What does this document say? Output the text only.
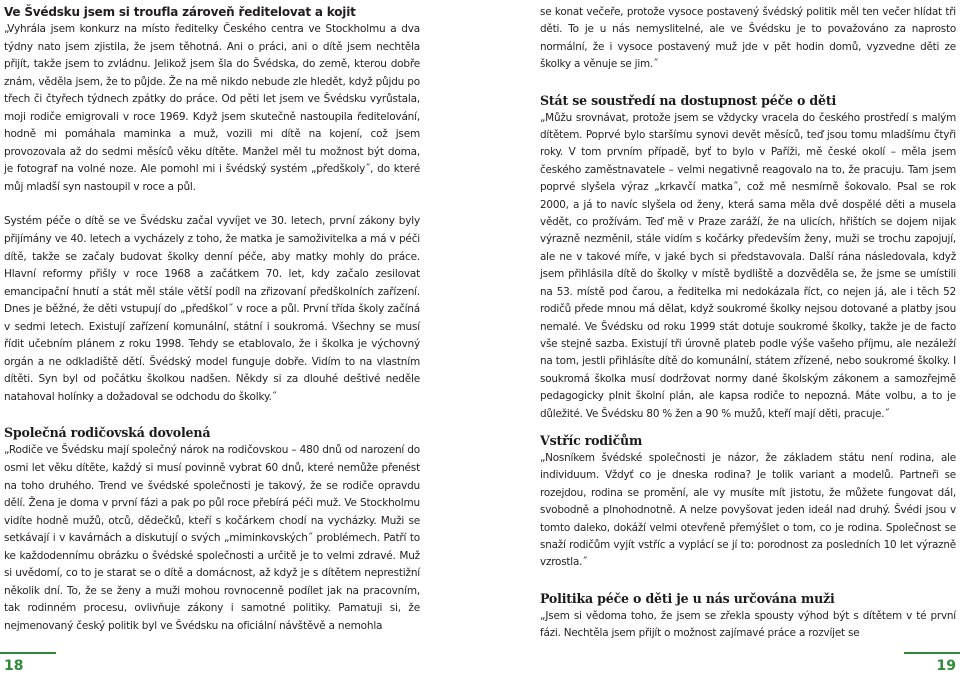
Ve Švédsku jsem si troufla zároveň ředitelovat a kojit

„Vyhrála jsem konkurz na místo ředitelky Českého centra ve Stockholmu a dva týdny nato jsem zjistila, že jsem těhotná. Ani o práci, ani o dítě jsem nechtěla přijít, takže jsem to zvládnu. Jelikož jsem šla do Švédska, do země, kterou dobře znám, věděla jsem, že to půjde. Že na mě nikdo nebude zle hledět, když půjdu po třech či čtyřech týdnech zpátky do práce. Od pěti let jsem ve Švédsku vyrůstala, moji rodiče emigrovali v roce 1969. Když jsem skutečně nastoupila ředitelování, hodně mi pomáhala maminka a muž, vozili mi dítě na kojení, což jsem provozovala až do sedmi měsíců věku dítěte. Manžel měl tu možnost být doma, je fotograf na volné noze. Ale pomohl mi i švédský systém „předškoly˝, do které můj mladší syn nastoupil v roce a půl.

Systém péče o dítě se ve Švédsku začal vyvíjet ve 30. letech, první zákony byly přijímány ve 40. letech a vycházely z toho, že matka je samoživitelka a má v péči dítě, takže se začaly budovat školky denní péče, aby matky mohly do práce. Hlavní reformy přišly v roce 1968 a začátkem 70. let, kdy začalo zesilovat emancipační hnutí a stát měl stále větší podíl na zřizovaní předškolních zařízení. Dnes je běžné, že děti vstupují do „předškol˝ v roce a půl. První třída školy začíná v sedmi letech. Existují zařízení komunální, státní i soukromá. Všechny se musí řídit učebním plánem z roku 1998. Tehdy se etablovalo, že i školka je výchovný orgán a ne odkladiště dětí. Švédský model funguje dobře. Vidím to na vlastním dítěti. Syn byl od počátku školkou nadšen. Někdy si za dlouhé deštivé neděle natahoval holínky a dožadoval se odchodu do školky.˝

Společná rodičovská dovolená

„Rodiče ve Švédsku mají společný nárok na rodičovskou – 480 dnů od narození do osmi let věku dítěte, každý si musí povinně vybrat 60 dnů, které nemůže přenést na toho druhého. Trend ve švédské společnosti je takový, že se rodiče opravdu dělí. Žena je doma v první fázi a pak po půl roce přebírá péči muž. Ve Stockholmu vidíte hodně mužů, otců, dědečků, kteří s kočárkem chodí na vycházky. Muži se setkávají i v kavárnách a diskutují o svých „miminkovských˝ problémech. Patří to ke každodennímu obrázku o švédské společnosti a určitě je to velmi zdravé. Muž si uvědomí, co to je starat se o dítě a domácnost, až když je s dítětem neprestižní několik dní. To, že se ženy a muži mohou rovnocenně podílet jak na pracovním, tak rodinném procesu, ovlivňuje zákony i samotné politiky. Pamatuji si, že nejmenovaný český politik byl ve Švédsku na oficiální návštěvě a nemohla

se konat večeře, protože vysoce postavený švédský politik měl ten večer hlídat tři děti. To je u nás nemyslitelné, ale ve Švédsku je to považováno za naprosto normální, že i vysoce postavený muž jde v pět hodin domů, vyzvedne děti ze školky a věnuje se jim.˝

Stát se soustředí na dostupnost péče o děti

„Můžu srovnávat, protože jsem se vždycky vracela do českého prostředí s malým dítětem. Poprvé bylo staršímu synovi devět měsíců, teď jsou tomu mladšímu čtyři roky. V tom prvním případě, byť to bylo v Paříži, mě české okolí – měla jsem českého zaměstnavatele – velmi negativně reagovalo na to, že pracuju. Tam jsem poprvé slyšela výraz „krkavčí matka˝, což mě nesmírně šokovalo. Psal se rok 2000, a já to navíc slyšela od ženy, která sama měla dvě dospělé děti a musela vědět, co prožívám. Teď mě v Praze zaráží, že na ulicích, hřištích se dojem nijak výrazně nezměnil, stále vidím s kočárky především ženy, muži se trochu zapojují, ale ne v takové míře, v jaké bych si představovala. Další rána následovala, když jsem přihlásila dítě do školky v místě bydliště a dozvěděla se, že jsme se umístili na 53. místě pod čarou, a ředitelka mi nedokázala říct, co nejen já, ale i těch 52 rodičů přede mnou má dělat, když soukromé školky nejsou dotované a platby jsou nemalé. Ve Švédsku od roku 1999 stát dotuje soukromé školky, takže je de facto vše stejně sazba. Existují tři úrovně plateb podle výše vašeho příjmu, ale nezáleží na tom, jestli přihlásíte dítě do komunální, státem zřízené, nebo soukromé školky. I soukromá školka musí dodržovat normy dané školským zákonem a samozřejmě pedagogicky plnit školní plán, ale kapsa rodiče to nepozná. Máte volbu, a to je důležité. Ve Švédsku 80 % žen a 90 % mužů, kteří mají děti, pracuje.˝

Vstříc rodičům

„Nosníkem švédské společnosti je názor, že základem státu není rodina, ale individuum. Vždyť co je dneska rodina? Je tolik variant a modelů. Partneři se rozejdou, rodina se promění, ale vy musíte mít jistotu, že můžete fungovat dál, svobodně a plnohodnotně. A nelze povyšovat jeden ideál nad druhý. Švédi jsou v tomto daleko, dokáží velmi otevřeně přemýšlet o tom, co je rodina. Společnost se snaží rodičům vyjít vstříc a vyplácí se jí to: porodnost za posledních 10 let výrazně vzrostla.˝

Politika péče o děti je u nás určována muži

„Jsem si vědoma toho, že jsem se zřekla spousty výhod být s dítětem v té první fázi. Nechtěla jsem přijít o možnost zajímavé práce a rozvíjet se

18	19
